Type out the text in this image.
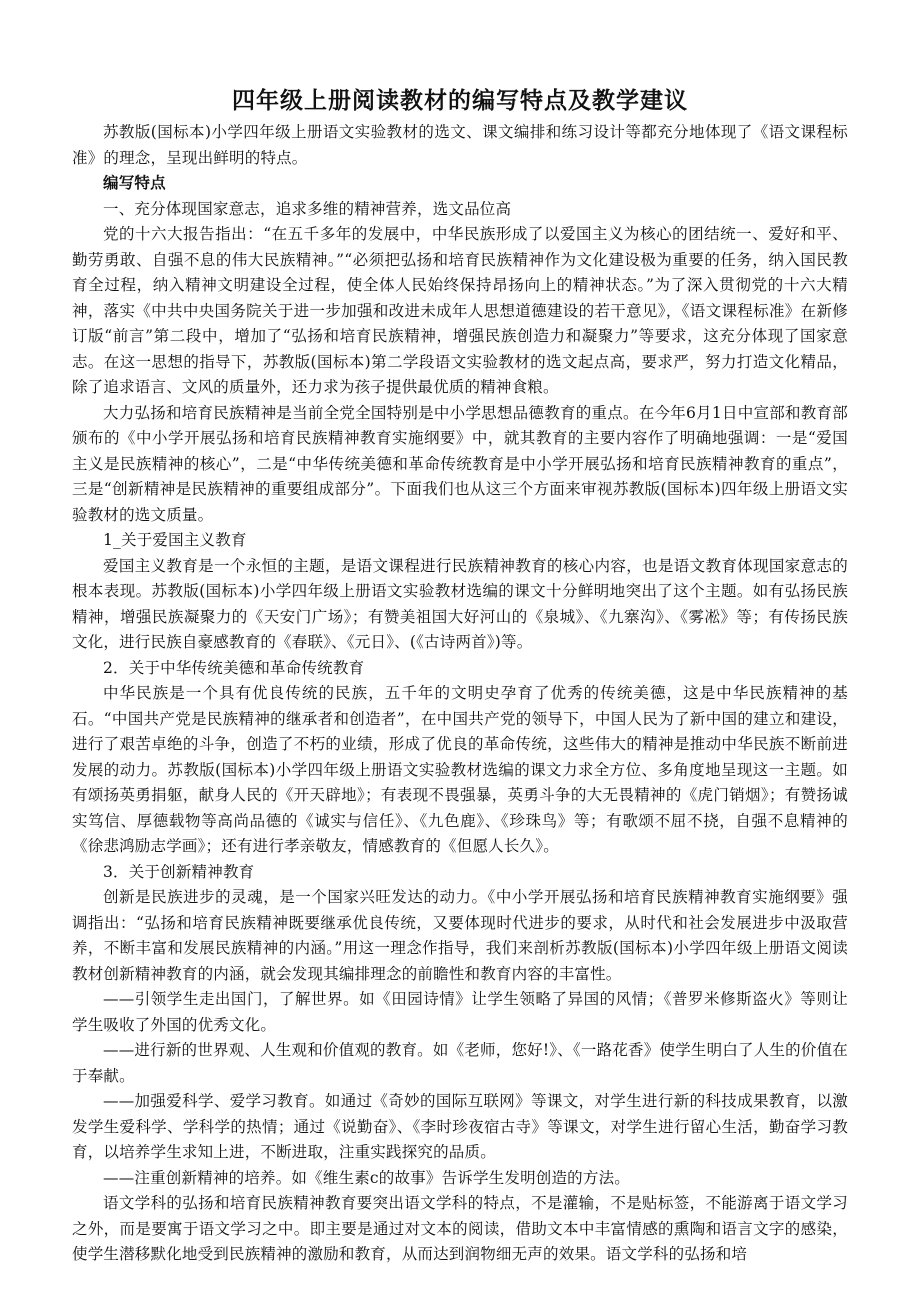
四年级上册阅读教材的编写特点及教学建议

苏教版(国标本)小学四年级上册语文实验教材的选文、课文编排和练习设计等都充分地体现了《语文课程标准》的理念，呈现出鲜明的特点。

编写特点

一、充分体现国家意志，追求多维的精神营养，选文品位高

党的十六大报告指出：“在五千多年的发展中，中华民族形成了以爱国主义为核心的团结统一、爱好和平、勤劳勇敢、自强不息的伟大民族精神。”“必须把弘扬和培育民族精神作为文化建设极为重要的任务，纳入国民教育全过程，纳入精神文明建设全过程，使全体人民始终保持昂扬向上的精神状态。”为了深入贯彻党的十六大精神，落实《中共中央国务院关于进一步加强和改进未成年人思想道德建设的若干意见》，《语文课程标准》在新修订版“前言”第二段中，增加了“弘扬和培育民族精神，增强民族创造力和凝聚力”等要求，这充分体现了国家意志。在这一思想的指导下，苏教版(国标本)第二学段语文实验教材的选文起点高，要求严，努力打造文化精品，除了追求语言、文风的质量外，还力求为孩子提供最优质的精神食粮。

大力弘扬和培育民族精神是当前全党全国特别是中小学思想品德教育的重点。在今年6月1日中宣部和教育部颁布的《中小学开展弘扬和培育民族精神教育实施纲要》中，就其教育的主要内容作了明确地强调：一是“爱国主义是民族精神的核心”，二是“中华传统美德和革命传统教育是中小学开展弘扬和培育民族精神教育的重点”，三是“创新精神是民族精神的重要组成部分”。下面我们也从这三个方面来审视苏教版(国标本)四年级上册语文实验教材的选文质量。

1_关于爱国主义教育

爱国主义教育是一个永恒的主题，是语文课程进行民族精神教育的核心内容，也是语文教育体现国家意志的根本表现。苏教版(国标本)小学四年级上册语文实验教材选编的课文十分鲜明地突出了这个主题。如有弘扬民族精神，增强民族凝聚力的《天安门广场》；有赞美祖国大好河山的《泉城》、《九寨沟》、《雾凇》等；有传扬民族文化，进行民族自豪感教育的《春联》、《元日》、(《古诗两首》)等。

2．关于中华传统美德和革命传统教育

中华民族是一个具有优良传统的民族，五千年的文明史孕育了优秀的传统美德，这是中华民族精神的基石。“中国共产党是民族精神的继承者和创造者”，在中国共产党的领导下，中国人民为了新中国的建立和建设，进行了艰苦卓绝的斗争，创造了不朽的业绩，形成了优良的革命传统，这些伟大的精神是推动中华民族不断前进发展的动力。苏教版(国标本)小学四年级上册语文实验教材选编的课文力求全方位、多角度地呈现这一主题。如有颂扬英勇捐躯，献身人民的《开天辟地》；有表现不畏强暴，英勇斗争的大无畏精神的《虎门销烟》；有赞扬诚实笃信、厚德载物等高尚品德的《诚实与信任》、《九色鹿》、《珍珠鸟》等；有歌颂不屈不挠，自强不息精神的《徐悲鸿励志学画》；还有进行孝亲敬友，情感教育的《但愿人长久》。

3．关于创新精神教育

创新是民族进步的灵魂，是一个国家兴旺发达的动力。《中小学开展弘扬和培育民族精神教育实施纲要》强调指出：“弘扬和培育民族精神既要继承优良传统，又要体现时代进步的要求，从时代和社会发展进步中汲取营养，不断丰富和发展民族精神的内涵。”用这一理念作指导，我们来剖析苏教版(国标本)小学四年级上册语文阅读教材创新精神教育的内涵，就会发现其编排理念的前瞻性和教育内容的丰富性。

——引领学生走出国门，了解世界。如《田园诗情》让学生领略了异国的风情；《普罗米修斯盗火》等则让学生吸收了外国的优秀文化。

——进行新的世界观、人生观和价值观的教育。如《老师，您好!》、《一路花香》使学生明白了人生的价值在于奉献。

——加强爱科学、爱学习教育。如通过《奇妙的国际互联网》等课文，对学生进行新的科技成果教育，以激发学生爱科学、学科学的热情；通过《说勤奋》、《李时珍夜宿古寺》等课文，对学生进行留心生活，勤奋学习教育，以培养学生求知上进，不断进取，注重实践探究的品质。

——注重创新精神的培养。如《维生素c的故事》告诉学生发明创造的方法。

语文学科的弘扬和培育民族精神教育要突出语文学科的特点，不是灌输，不是贴标签，不能游离于语文学习之外，而是要寓于语文学习之中。即主要是通过对文本的阅读，借助文本中丰富情感的熏陶和语言文字的感染，使学生潜移默化地受到民族精神的激励和教育，从而达到润物细无声的效果。语文学科的弘扬和培
